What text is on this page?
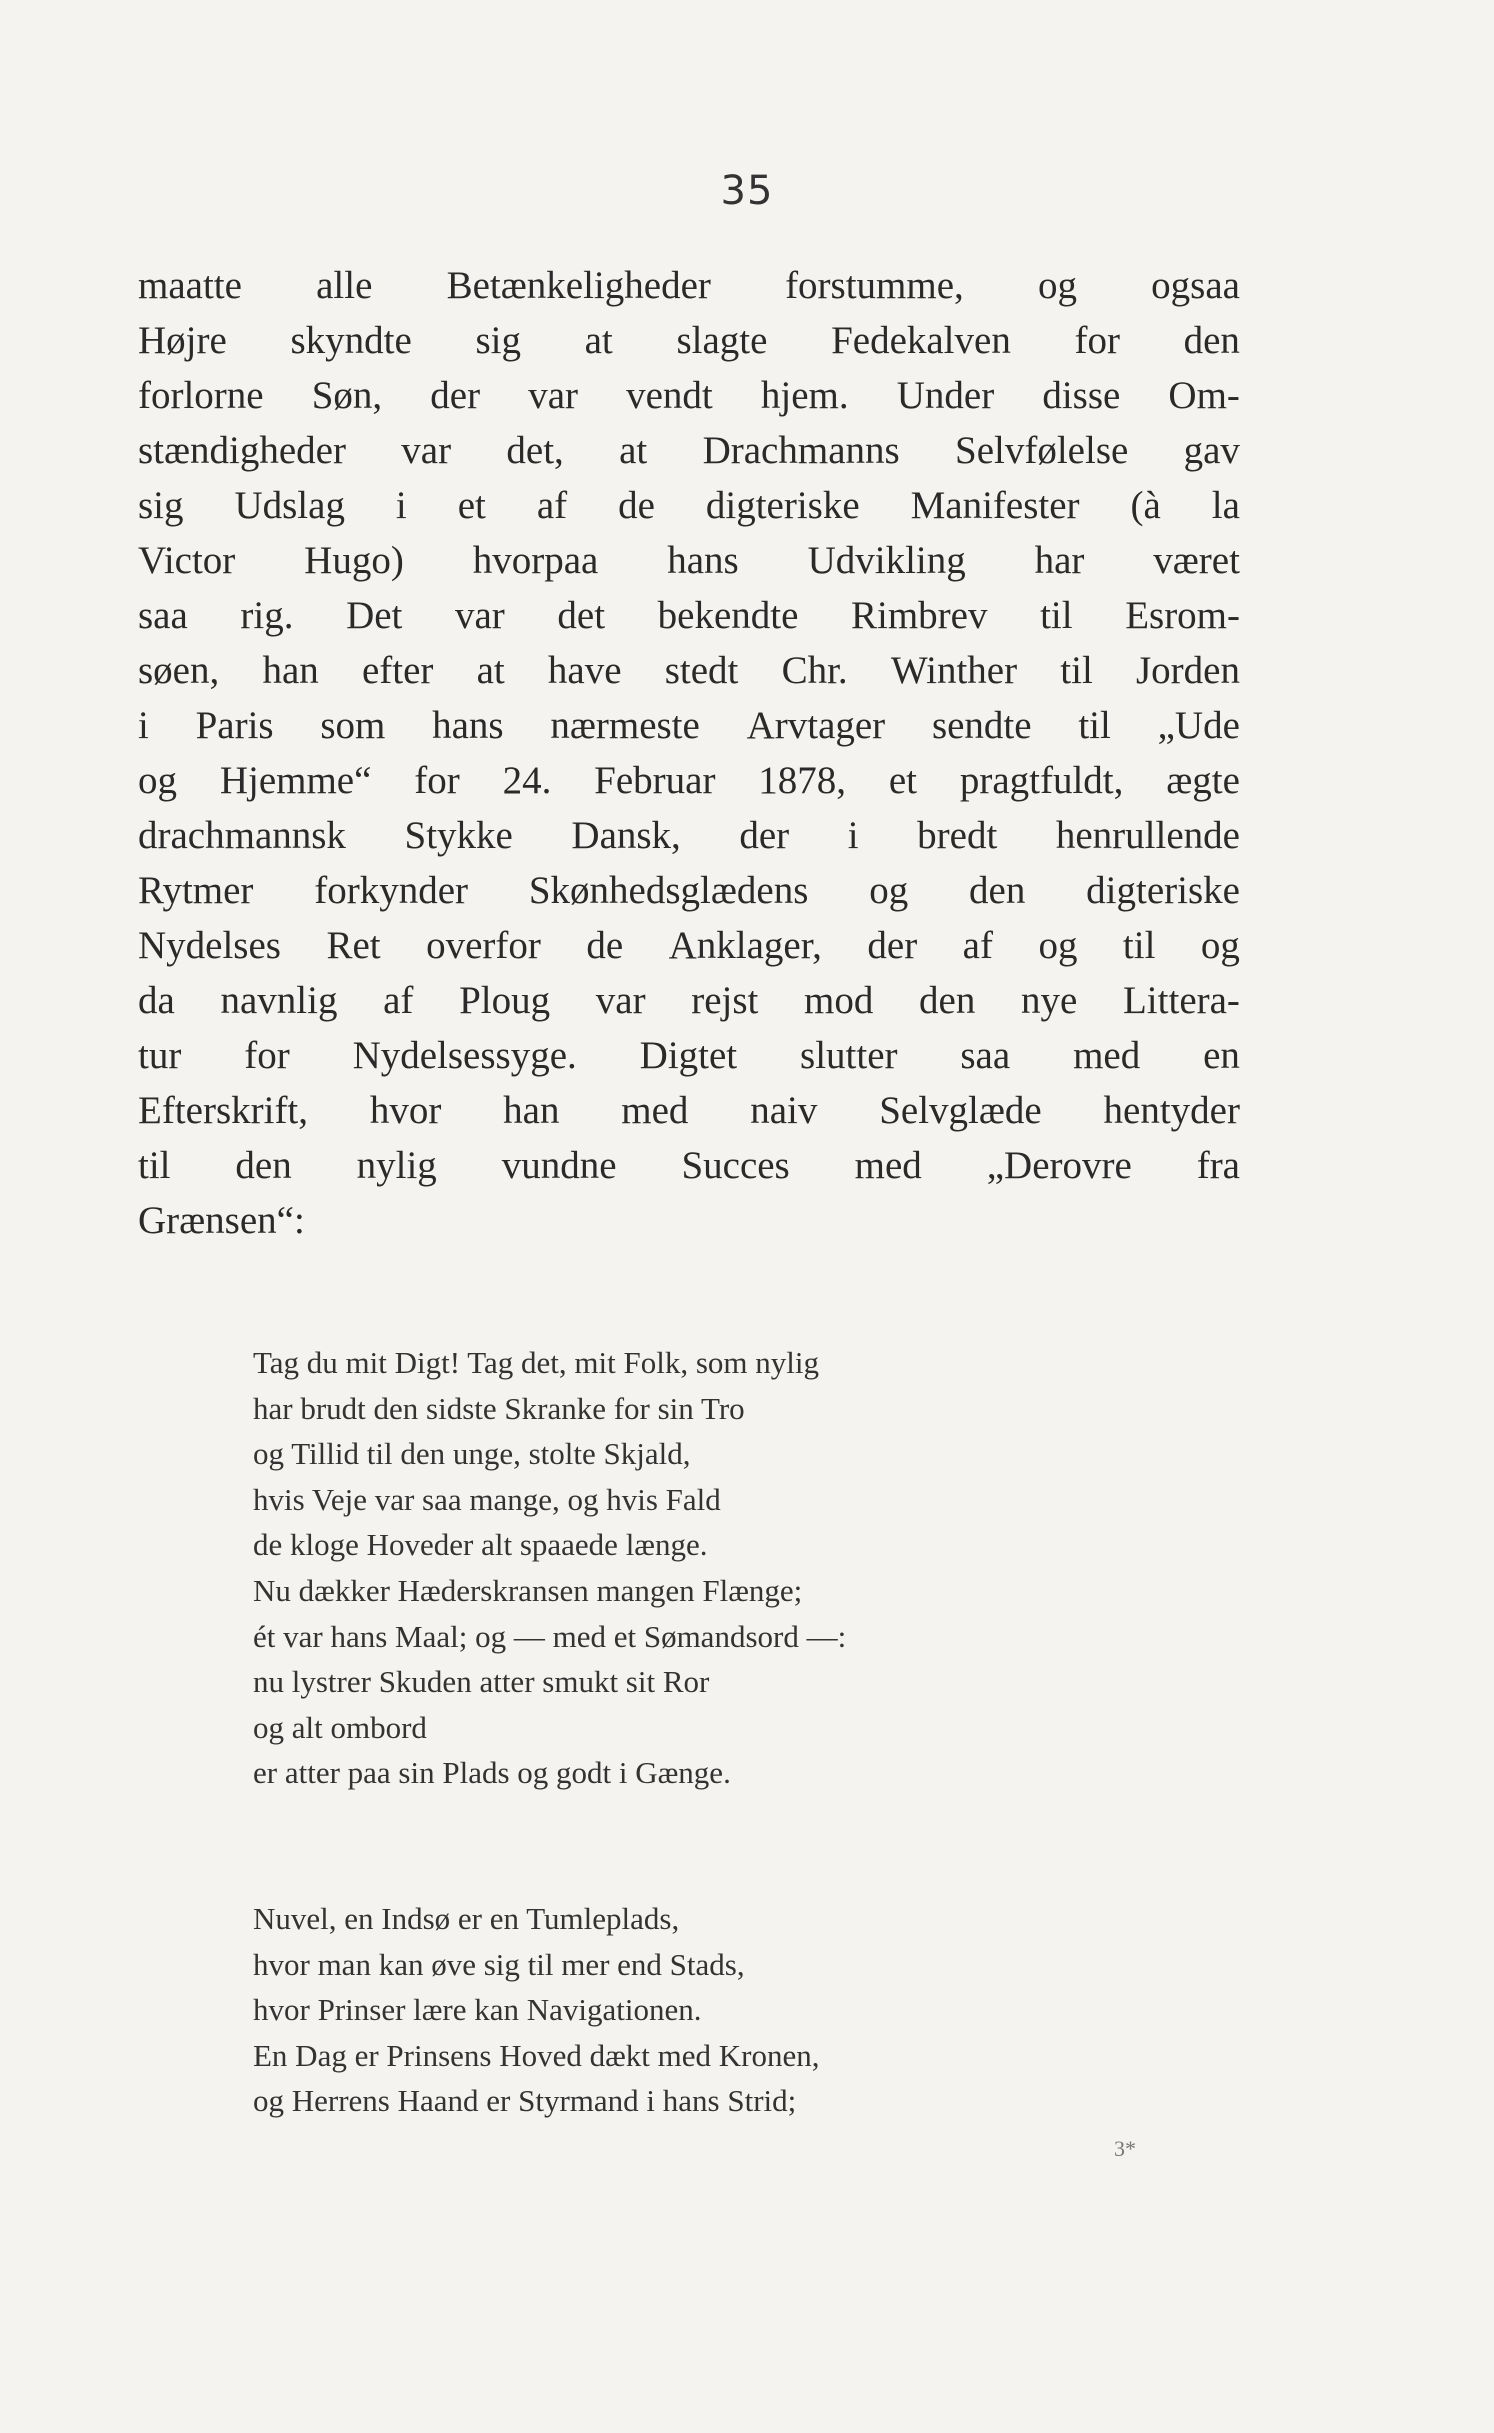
35
maatte alle Betænkeligheder forstumme, og ogsaa
Højre skyndte sig at slagte Fedekalven for den
forlorne Søn, der var vendt hjem. Under disse Om-
stændigheder var det, at Drachmanns Selvfølelse gav
sig Udslag i et af de digteriske Manifester (à la
Victor Hugo) hvorpaa hans Udvikling har været
saa rig. Det var det bekendte Rimbrev til Esrom-
søen, han efter at have stedt Chr. Winther til Jorden
i Paris som hans nærmeste Arvtager sendte til „Ude
og Hjemme“ for 24. Februar 1878, et pragtfuldt, ægte
drachmannsk Stykke Dansk, der i bredt henrullende
Rytmer forkynder Skønhedsglædens og den digteriske
Nydelses Ret overfor de Anklager, der af og til og
da navnlig af Ploug var rejst mod den nye Littera-
tur for Nydelsessyge. Digtet slutter saa med en
Efterskrift, hvor han med naiv Selvglæde hentyder
til den nylig vundne Succes med „Derovre fra
Grænsen“:
Tag du mit Digt! Tag det, mit Folk, som nylig
har brudt den sidste Skranke for sin Tro
og Tillid til den unge, stolte Skjald,
hvis Veje var saa mange, og hvis Fald
de kloge Hoveder alt spaaede længe.
Nu dækker Hæderskransen mangen Flænge;
ét var hans Maal; og — med et Sømandsord —:
nu lystrer Skuden atter smukt sit Ror
og alt ombord
er atter paa sin Plads og godt i Gænge.
Nuvel, en Indsø er en Tumleplads,
hvor man kan øve sig til mer end Stads,
hvor Prinser lære kan Navigationen.
En Dag er Prinsens Hoved dækt med Kronen,
og Herrens Haand er Styrmand i hans Strid;
3*
